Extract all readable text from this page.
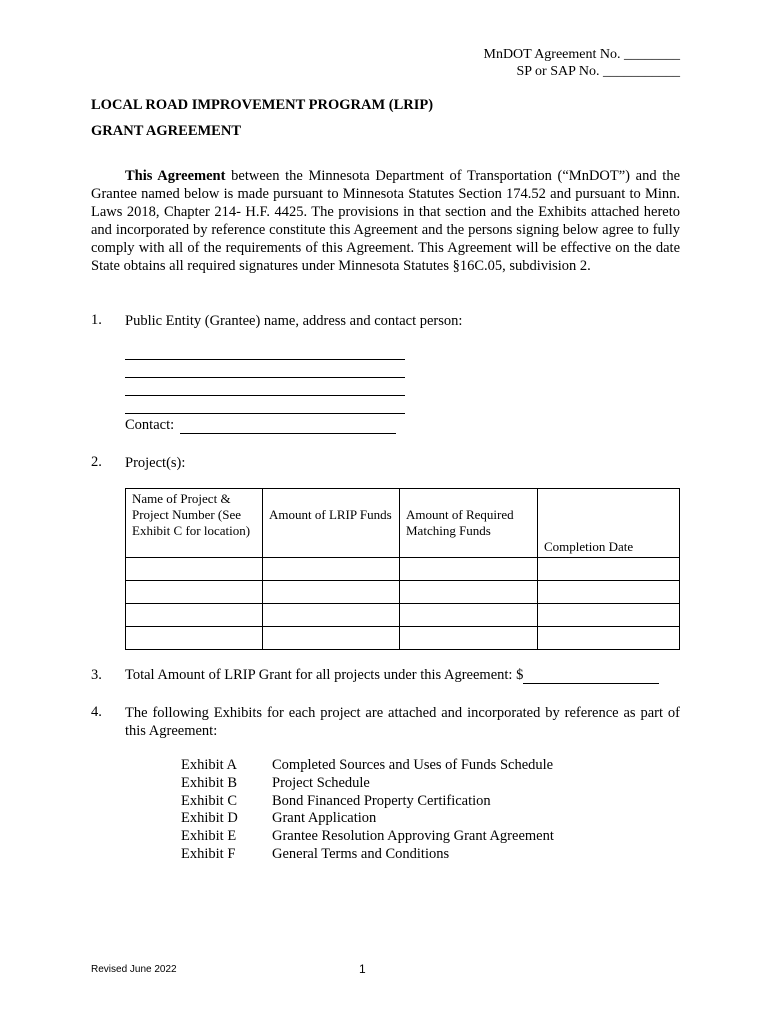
MnDOT Agreement No. ________
SP or SAP No. ___________
LOCAL ROAD IMPROVEMENT PROGRAM (LRIP)
GRANT AGREEMENT
This Agreement between the Minnesota Department of Transportation (“MnDOT”) and the Grantee named below is made pursuant to Minnesota Statutes Section 174.52 and pursuant to Minn. Laws 2018, Chapter 214- H.F. 4425. The provisions in that section and the Exhibits attached hereto and incorporated by reference constitute this Agreement and the persons signing below agree to fully comply with all of the requirements of this Agreement. This Agreement will be effective on the date State obtains all required signatures under Minnesota Statutes §16C.05, subdivision 2.
1. Public Entity (Grantee) name, address and contact person:
Contact:
2. Project(s):
Name of Project & Project Number (See Exhibit C for location)	Amount of LRIP Funds	Amount of Required Matching Funds	Completion Date

3. Total Amount of LRIP Grant for all projects under this Agreement: $
4. The following Exhibits for each project are attached and incorporated by reference as part of this Agreement:
Exhibit A	Completed Sources and Uses of Funds Schedule
Exhibit B	Project Schedule
Exhibit C	Bond Financed Property Certification
Exhibit D	Grant Application
Exhibit E	Grantee Resolution Approving Grant Agreement
Exhibit F	General Terms and Conditions
Revised June 2022	1
